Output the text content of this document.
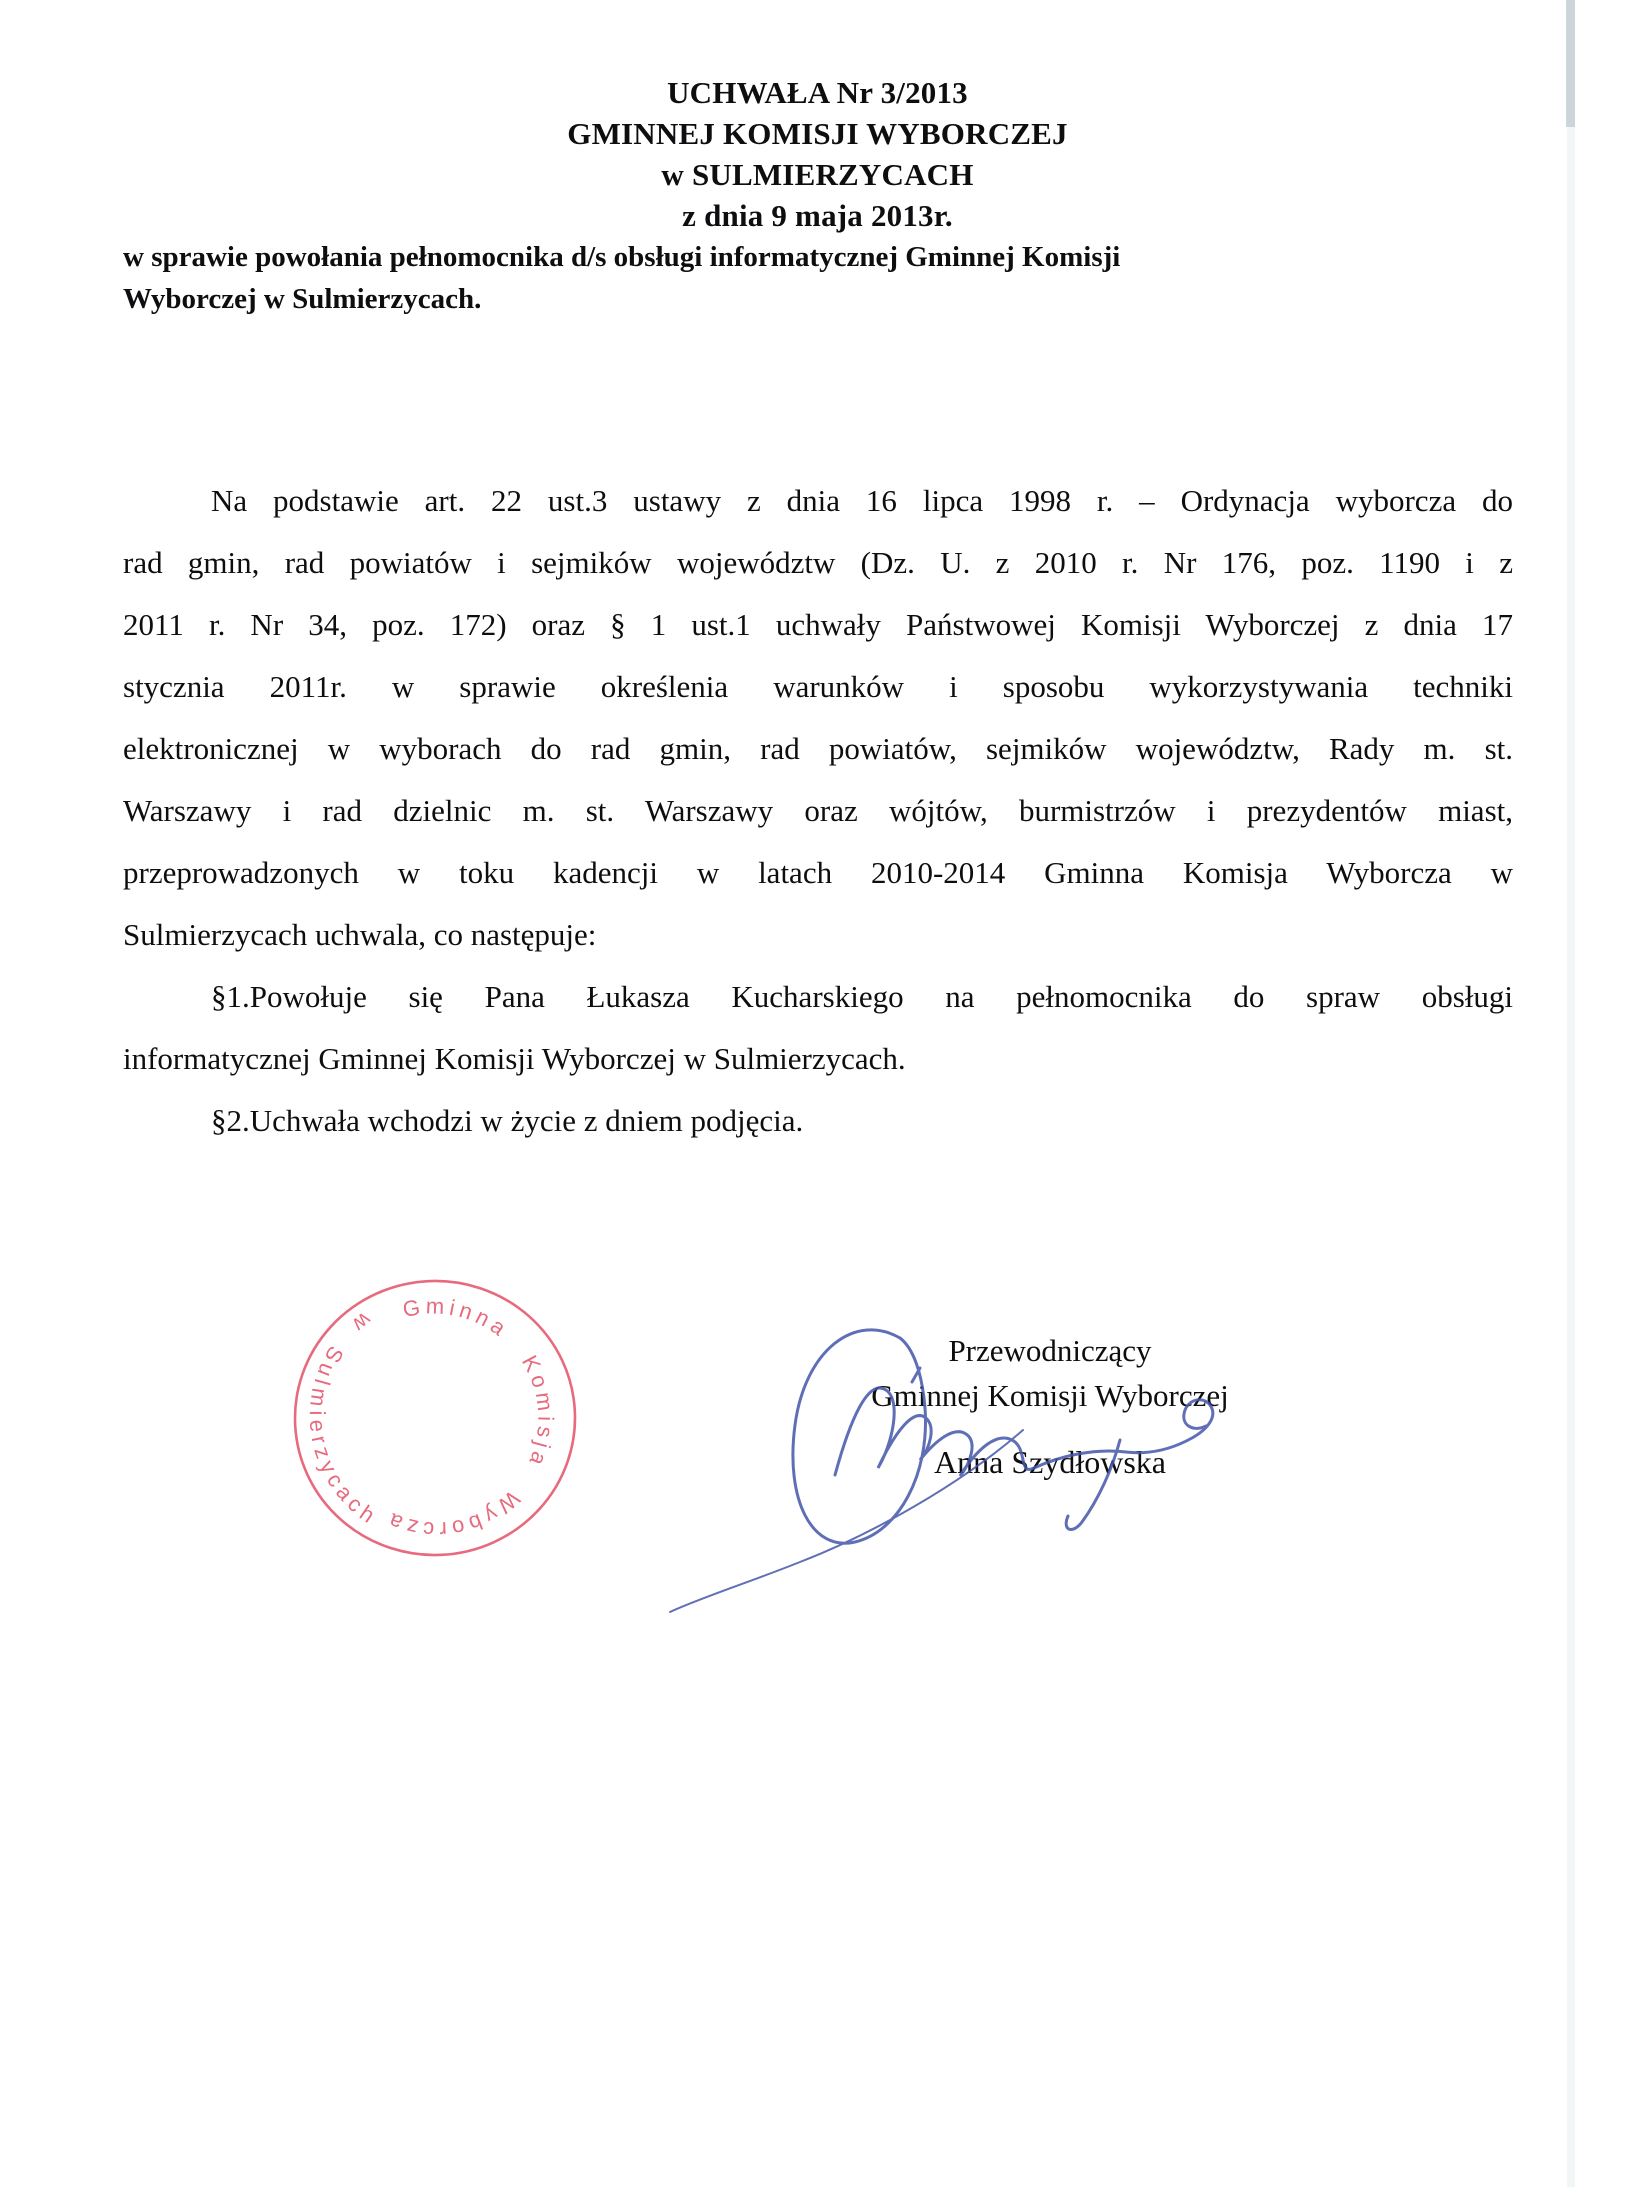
UCHWAŁA Nr 3/2013
GMINNEJ KOMISJI WYBORCZEJ
w SULMIERZYCACH
z dnia 9 maja 2013r.
w sprawie powołania pełnomocnika d/s obsługi informatycznej Gminnej Komisji
Wyborczej w Sulmierzycach.
Na podstawie art. 22 ust.3 ustawy z dnia 16 lipca 1998 r. – Ordynacja wyborcza do
rad gmin, rad powiatów i sejmików województw (Dz. U. z 2010 r. Nr 176, poz. 1190 i z
2011 r. Nr 34, poz. 172) oraz § 1 ust.1 uchwały Państwowej Komisji Wyborczej z dnia 17
stycznia 2011r. w sprawie określenia warunków i sposobu wykorzystywania techniki
elektronicznej w wyborach do rad gmin, rad powiatów, sejmików województw, Rady m. st.
Warszawy i rad dzielnic m. st. Warszawy oraz wójtów, burmistrzów i prezydentów miast,
przeprowadzonych w toku kadencji w latach 2010-2014 Gminna Komisja Wyborcza w
Sulmierzycach uchwala, co następuje:
§1.Powołuje się Pana Łukasza Kucharskiego na pełnomocnika do spraw obsługi
informatycznej Gminnej Komisji Wyborczej w Sulmierzycach.
§2.Uchwała wchodzi w życie z dniem podjęcia.
Przewodniczący
Gminnej Komisji Wyborczej
Anna Szydłowska
Gminna Komisja Wyborcza
w Sulmierzycach
